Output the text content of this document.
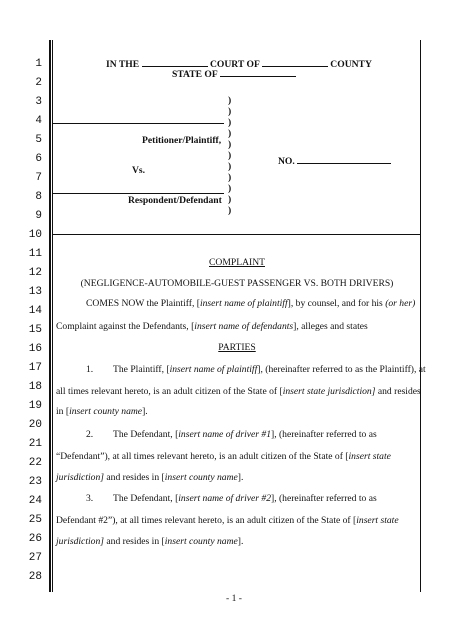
1
2
3
4
5
6
7
8
9
10
11
12
13
14
15
16
17
18
19
20
21
22
23
24
25
26
27
28
IN THE	COURT OF	COUNTY
STATE OF
)
)
)
)
)
)
)
)
)
)
)
Petitioner/Plaintiff,
Vs.
Respondent/Defendant
NO.
COMPLAINT
(NEGLIGENCE-AUTOMOBILE-GUEST PASSENGER VS. BOTH DRIVERS)
COMES NOW the Plaintiff, [insert name of plaintiff], by counsel, and for his (or her)
Complaint against the Defendants, [insert name of defendants], alleges and states
PARTIES
1. The Plaintiff, [insert name of plaintiff], (hereinafter referred to as the Plaintiff), at
all times relevant hereto, is an adult citizen of the State of [insert state jurisdiction] and resides
in [insert county name].
2. The Defendant, [insert name of driver #1], (hereinafter referred to as
“Defendant”), at all times relevant hereto, is an adult citizen of the State of [insert state
jurisdiction] and resides in [insert county name].
3. The Defendant, [insert name of driver #2], (hereinafter referred to as
Defendant #2”), at all times relevant hereto, is an adult citizen of the State of [insert state
jurisdiction] and resides in [insert county name].
- 1 -
